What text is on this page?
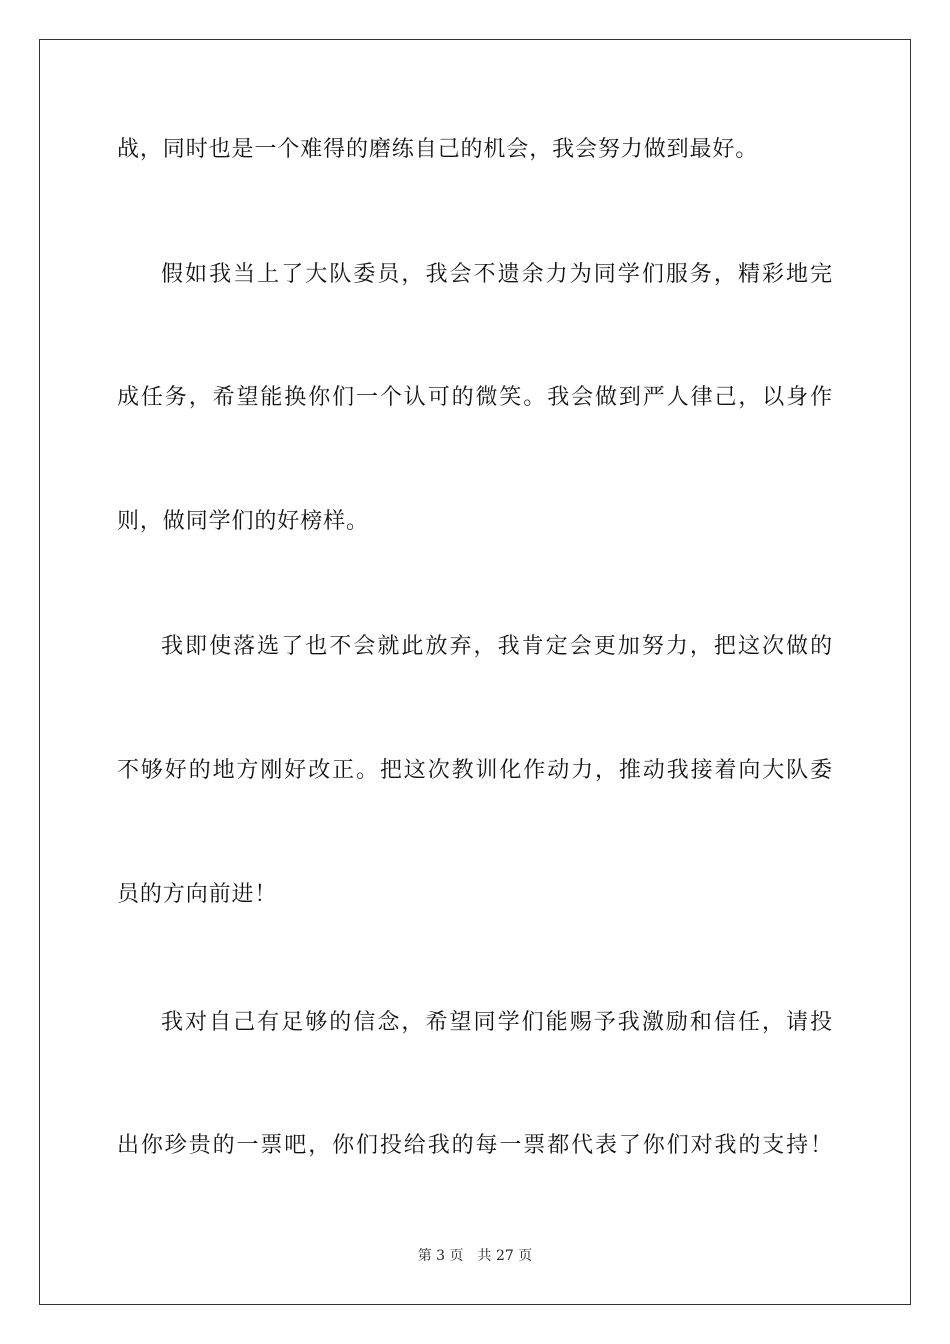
战，同时也是一个难得的磨练自己的机会，我会努力做到最好。
假如我当上了大队委员，我会不遗余力为同学们服务，精彩地完
成任务，希望能换你们一个认可的微笑。我会做到严人律己，以身作
则，做同学们的好榜样。
我即使落选了也不会就此放弃，我肯定会更加努力，把这次做的
不够好的地方刚好改正。把这次教训化作动力，推动我接着向大队委
员的方向前进！
我对自己有足够的信念，希望同学们能赐予我激励和信任，请投
出你珍贵的一票吧，你们投给我的每一票都代表了你们对我的支持！
第 3 页 共 27 页
